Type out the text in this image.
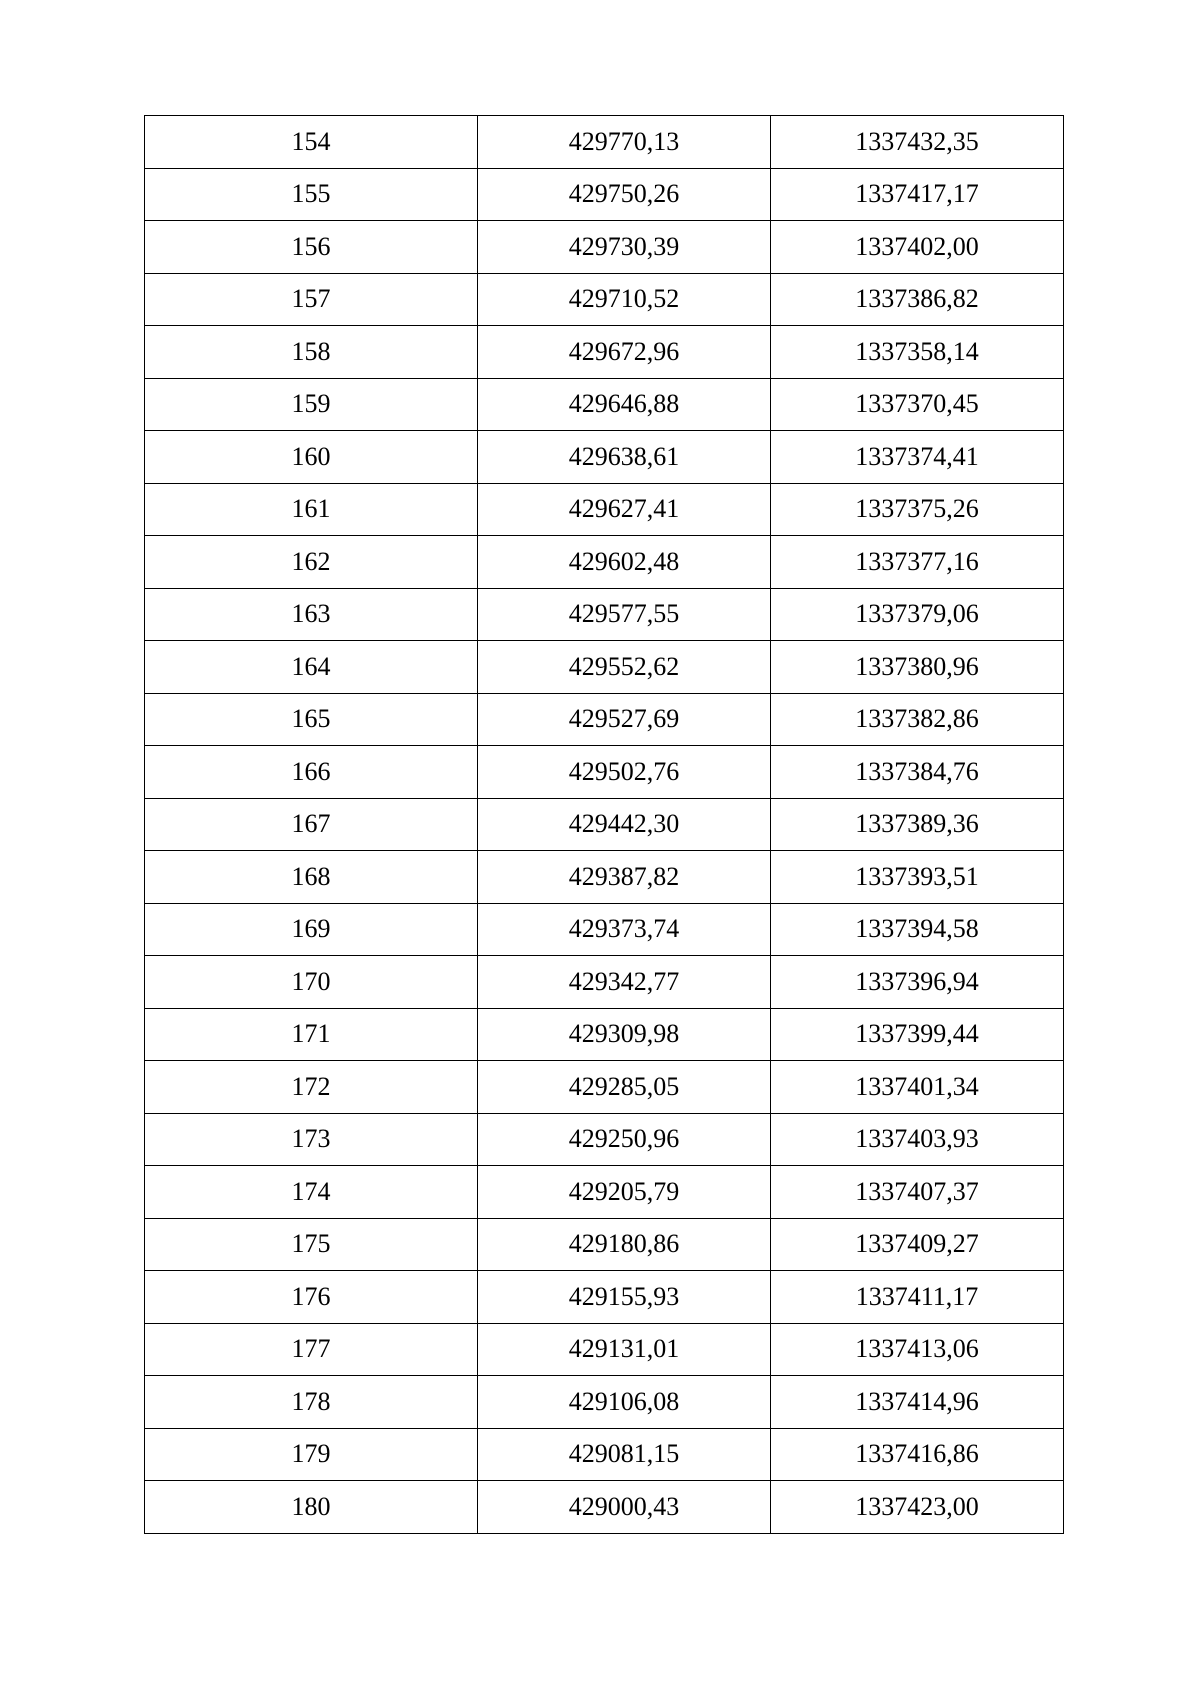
154	429770,13	1337432,35
155	429750,26	1337417,17
156	429730,39	1337402,00
157	429710,52	1337386,82
158	429672,96	1337358,14
159	429646,88	1337370,45
160	429638,61	1337374,41
161	429627,41	1337375,26
162	429602,48	1337377,16
163	429577,55	1337379,06
164	429552,62	1337380,96
165	429527,69	1337382,86
166	429502,76	1337384,76
167	429442,30	1337389,36
168	429387,82	1337393,51
169	429373,74	1337394,58
170	429342,77	1337396,94
171	429309,98	1337399,44
172	429285,05	1337401,34
173	429250,96	1337403,93
174	429205,79	1337407,37
175	429180,86	1337409,27
176	429155,93	1337411,17
177	429131,01	1337413,06
178	429106,08	1337414,96
179	429081,15	1337416,86
180	429000,43	1337423,00
